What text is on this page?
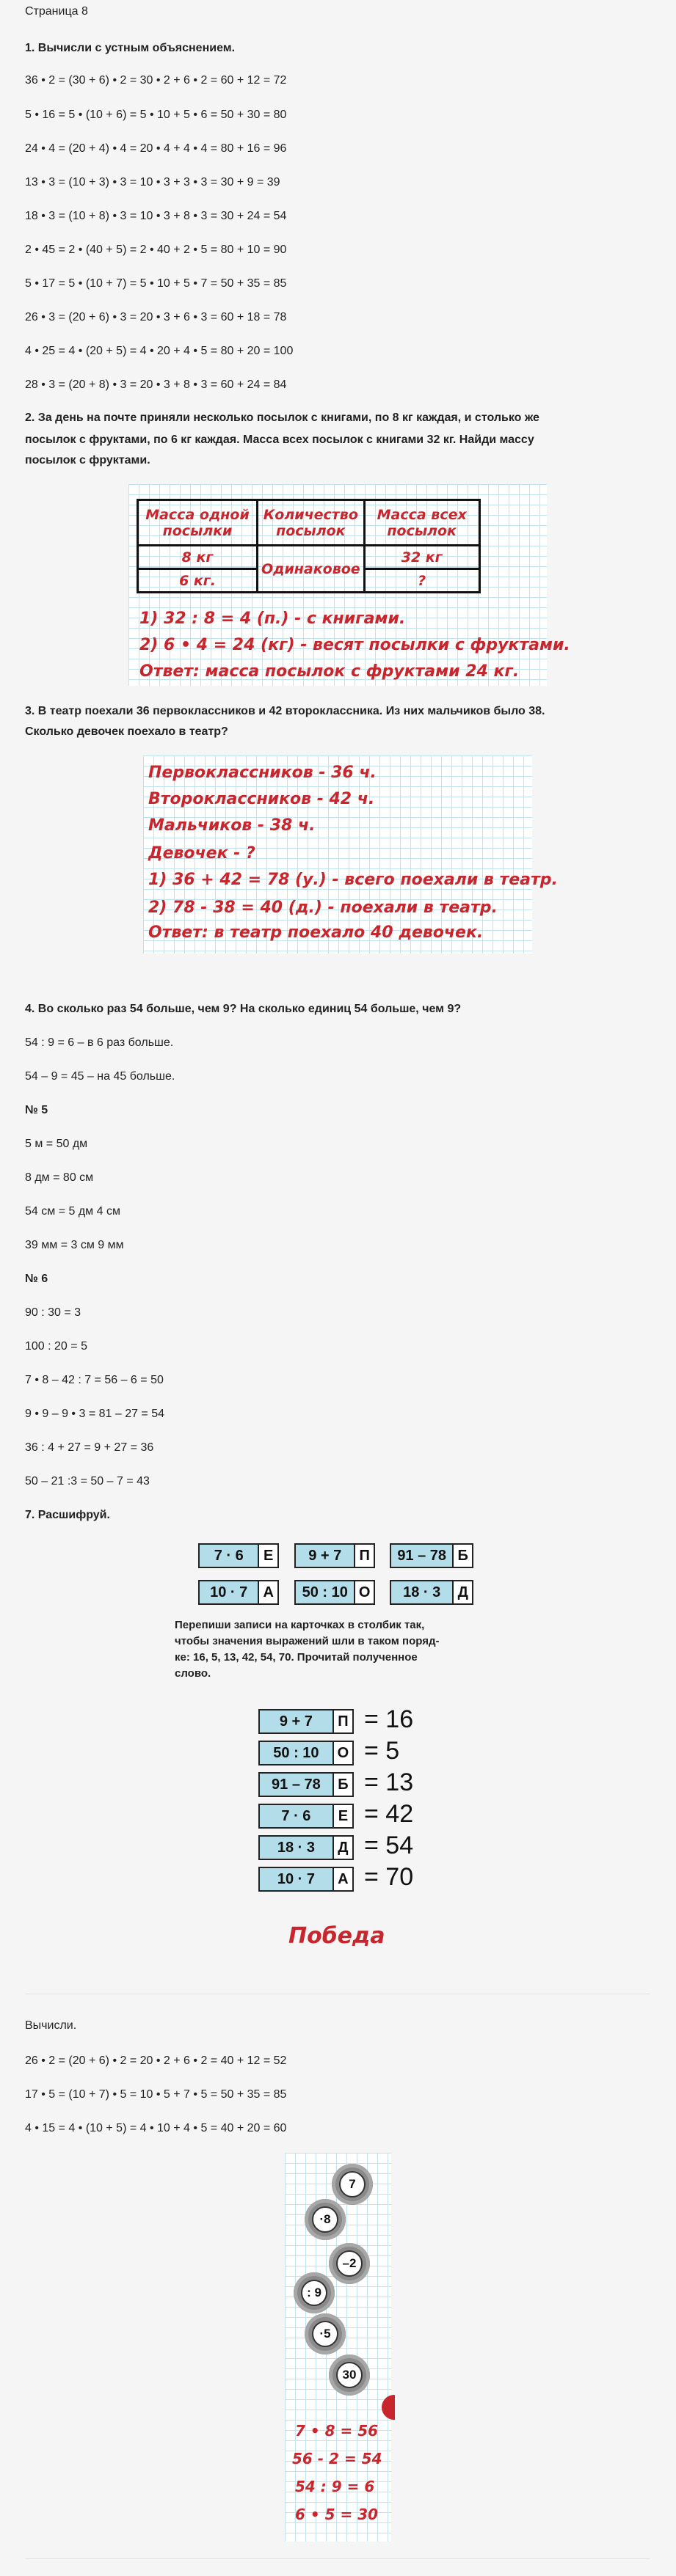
Страница 8
1. Вычисли с устным объяснением.
36 • 2 = (30 + 6) • 2 = 30 • 2 + 6 • 2 = 60 + 12 = 72
5 • 16 = 5 • (10 + 6) = 5 • 10 + 5 • 6 = 50 + 30 = 80
24 • 4 = (20 + 4) • 4 = 20 • 4 + 4 • 4 = 80 + 16 = 96
13 • 3 = (10 + 3) • 3 = 10 • 3 + 3 • 3 = 30 + 9 = 39
18 • 3 = (10 + 8) • 3 = 10 • 3 + 8 • 3 = 30 + 24 = 54
2 • 45 = 2 • (40 + 5) = 2 • 40 + 2 • 5 = 80 + 10 = 90
5 • 17 = 5 • (10 + 7) = 5 • 10 + 5 • 7 = 50 + 35 = 85
26 • 3 = (20 + 6) • 3 = 20 • 3 + 6 • 3 = 60 + 18 = 78
4 • 25 = 4 • (20 + 5) = 4 • 20 + 4 • 5 = 80 + 20 = 100
28 • 3 = (20 + 8) • 3 = 20 • 3 + 8 • 3 = 60 + 24 = 84
2. За день на почте приняли несколько посылок с книгами, по 8 кг каждая, и столько же
посылок с фруктами, по 6 кг каждая. Масса всех посылок с книгами 32 кг. Найди массу
посылок с фруктами.
Масса одной посылки	Количество посылок	Масса всех посылок
8 кг	Одинаковое	32 кг
6 кг.		?
1) 32 : 8 = 4 (п.) - с книгами.
2) 6 • 4 = 24 (кг) - весят посылки с фруктами.
Ответ: масса посылок с фруктами 24 кг.
3. В театр поехали 36 первоклассников и 42 второклассника. Из них мальчиков было 38.
Сколько девочек поехало в театр?
Первоклассников - 36 ч.
Второклассников - 42 ч.
Мальчиков - 38 ч.
Девочек - ?
1) 36 + 42 = 78 (у.) - всего поехали в театр.
2) 78 - 38 = 40 (д.) - поехали в театр.
Ответ: в театр поехало 40 девочек.
4. Во сколько раз 54 больше, чем 9? На сколько единиц 54 больше, чем 9?
54 : 9 = 6 – в 6 раз больше.
54 – 9 = 45 – на 45 больше.
№ 5
5 м = 50 дм
8 дм = 80 см
54 см = 5 дм 4 см
39 мм = 3 см 9 мм
№ 6
90 : 30 = 3
100 : 20 = 5
7 • 8 – 42 : 7 = 56 – 6 = 50
9 • 9 – 9 • 3 = 81 – 27 = 54
36 : 4 + 27 = 9 + 27 = 36
50 – 21 :3 = 50 – 7 = 43
7. Расшифруй.
7 · 6	Е	9 + 7	П	91 – 78 Б
10 · 7	А	50 : 10 О	18 · 3	Д
Перепиши записи на карточках в столбик так,
чтобы значения выражений шли в таком поряд-
ке: 16, 5, 13, 42, 54, 70. Прочитай полученное
слово.
9 + 7	П = 16
50 : 10	О = 5
91 – 78	Б = 13
7 · 6	Е = 42
18 · 3	Д = 54
10 · 7	А = 70
Победа
Вычисли.
26 • 2 = (20 + 6) • 2 = 20 • 2 + 6 • 2 = 40 + 12 = 52
17 • 5 = (10 + 7) • 5 = 10 • 5 + 7 • 5 = 50 + 35 = 85
4 • 15 = 4 • (10 + 5) = 4 • 10 + 4 • 5 = 40 + 20 = 60
7
·8
–2
: 9
·5
30
7 • 8 = 56
56 - 2 = 54
54 : 9 = 6
6 • 5 = 30
